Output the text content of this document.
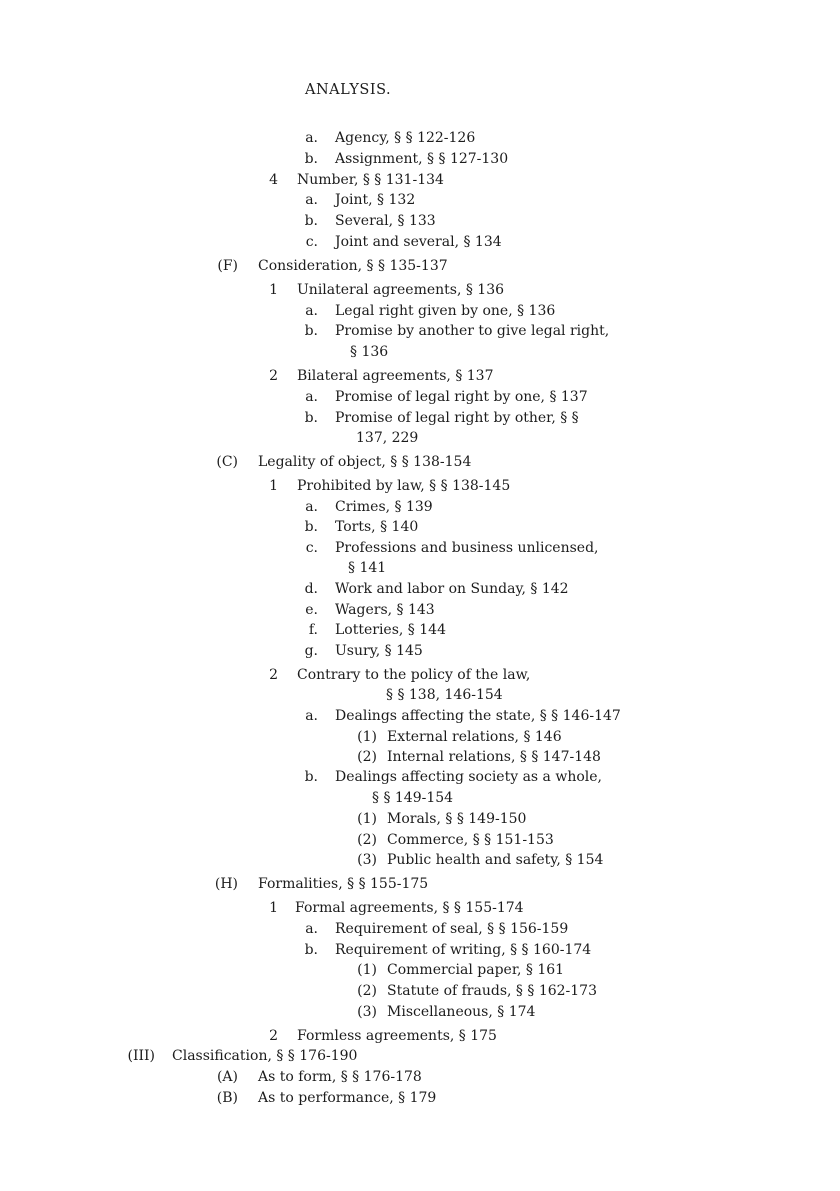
ANALYSIS.
a. Agency, § § 122-126
b. Assignment, § § 127-130
4 Number, § § 131-134
a. Joint, § 132
b. Several, § 133
c. Joint and several, § 134
(F) Consideration, § § 135-137
1 Unilateral agreements, § 136
a. Legal right given by one, § 136
b. Promise by another to give legal right,
§ 136
2 Bilateral agreements, § 137
a. Promise of legal right by one, § 137
b. Promise of legal right by other, § §
137, 229
(C) Legality of object, § § 138-154
1 Prohibited by law, § § 138-145
a. Crimes, § 139
b. Torts, § 140
c. Professions and business unlicensed,
§ 141
d. Work and labor on Sunday, § 142
e. Wagers, § 143
f. Lotteries, § 144
g. Usury, § 145
2 Contrary to the policy of the law,
§ § 138, 146-154
a. Dealings affecting the state, § § 146-147
(1) External relations, § 146
(2) Internal relations, § § 147-148
b. Dealings affecting society as a whole,
§ § 149-154
(1) Morals, § § 149-150
(2) Commerce, § § 151-153
(3) Public health and safety, § 154
(H) Formalities, § § 155-175
1 Formal agreements, § § 155-174
a. Requirement of seal, § § 156-159
b. Requirement of writing, § § 160-174
(1) Commercial paper, § 161
(2) Statute of frauds, § § 162-173
(3) Miscellaneous, § 174
2 Formless agreements, § 175
(III) Classification, § § 176-190
(A) As to form, § § 176-178
(B) As to performance, § 179
